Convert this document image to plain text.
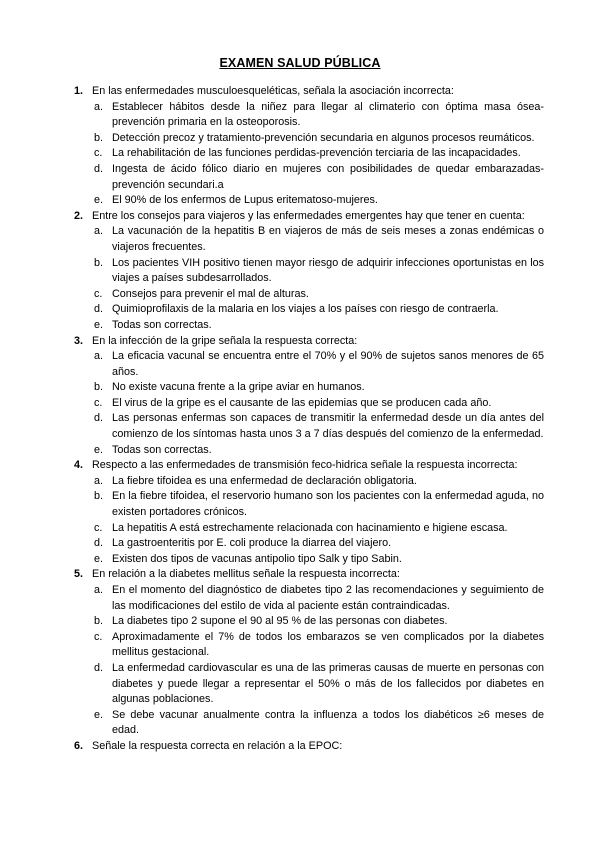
EXAMEN SALUD PÚBLICA
1. En las enfermedades musculoesqueléticas, señala la asociación incorrecta:
a. Establecer hábitos desde la niñez para llegar al climaterio con óptima masa ósea-prevención primaria en la osteoporosis.
b. Detección precoz y tratamiento-prevención secundaria en algunos procesos reumáticos.
c. La rehabilitación de las funciones perdidas-prevención terciaria de las incapacidades.
d. Ingesta de ácido fólico diario en mujeres con posibilidades de quedar embarazadas-prevención secundari.a
e. El 90% de los enfermos de Lupus eritematoso-mujeres.
2. Entre los consejos para viajeros y las enfermedades emergentes hay que tener en cuenta:
a. La vacunación de la hepatitis B en viajeros de más de seis meses a zonas endémicas o viajeros frecuentes.
b. Los pacientes VIH positivo tienen mayor riesgo de adquirir infecciones oportunistas en los viajes a países subdesarrollados.
c. Consejos para prevenir el mal de alturas.
d. Quimioprofilaxis de la malaria en los viajes a los países con riesgo de contraerla.
e. Todas son correctas.
3. En la infección de la gripe señala la respuesta correcta:
a. La eficacia vacunal se encuentra entre el 70% y el 90% de sujetos sanos menores de 65 años.
b. No existe vacuna frente a la gripe aviar en humanos.
c. El virus de la gripe es el causante de las epidemias que se producen cada año.
d. Las personas enfermas son capaces de transmitir la enfermedad desde un día antes del comienzo de los síntomas hasta unos 3 a 7 días después del comienzo de la enfermedad.
e. Todas son correctas.
4. Respecto a las enfermedades de transmisión feco-hidrica señale la respuesta incorrecta:
a. La fiebre tifoidea es una enfermedad de declaración obligatoria.
b. En la fiebre tifoidea, el reservorio humano son los pacientes con la enfermedad aguda, no existen portadores crónicos.
c. La hepatitis A está estrechamente relacionada con hacinamiento e higiene escasa.
d. La gastroenteritis por E. coli produce la diarrea del viajero.
e. Existen dos tipos de vacunas antipolio tipo Salk y tipo Sabin.
5. En relación a la diabetes mellitus señale la respuesta incorrecta:
a. En el momento del diagnóstico de diabetes tipo 2 las recomendaciones y seguimiento de las modificaciones del estilo de vida al paciente están contraindicadas.
b. La diabetes tipo 2 supone el 90 al 95 % de las personas con diabetes.
c. Aproximadamente el 7% de todos los embarazos se ven complicados por la diabetes mellitus gestacional.
d. La enfermedad cardiovascular es una de las primeras causas de muerte en personas con diabetes y puede llegar a representar el 50% o más de los fallecidos por diabetes en algunas poblaciones.
e. Se debe vacunar anualmente contra la influenza a todos los diabéticos ≥6 meses de edad.
6. Señale la respuesta correcta en relación a la EPOC:
